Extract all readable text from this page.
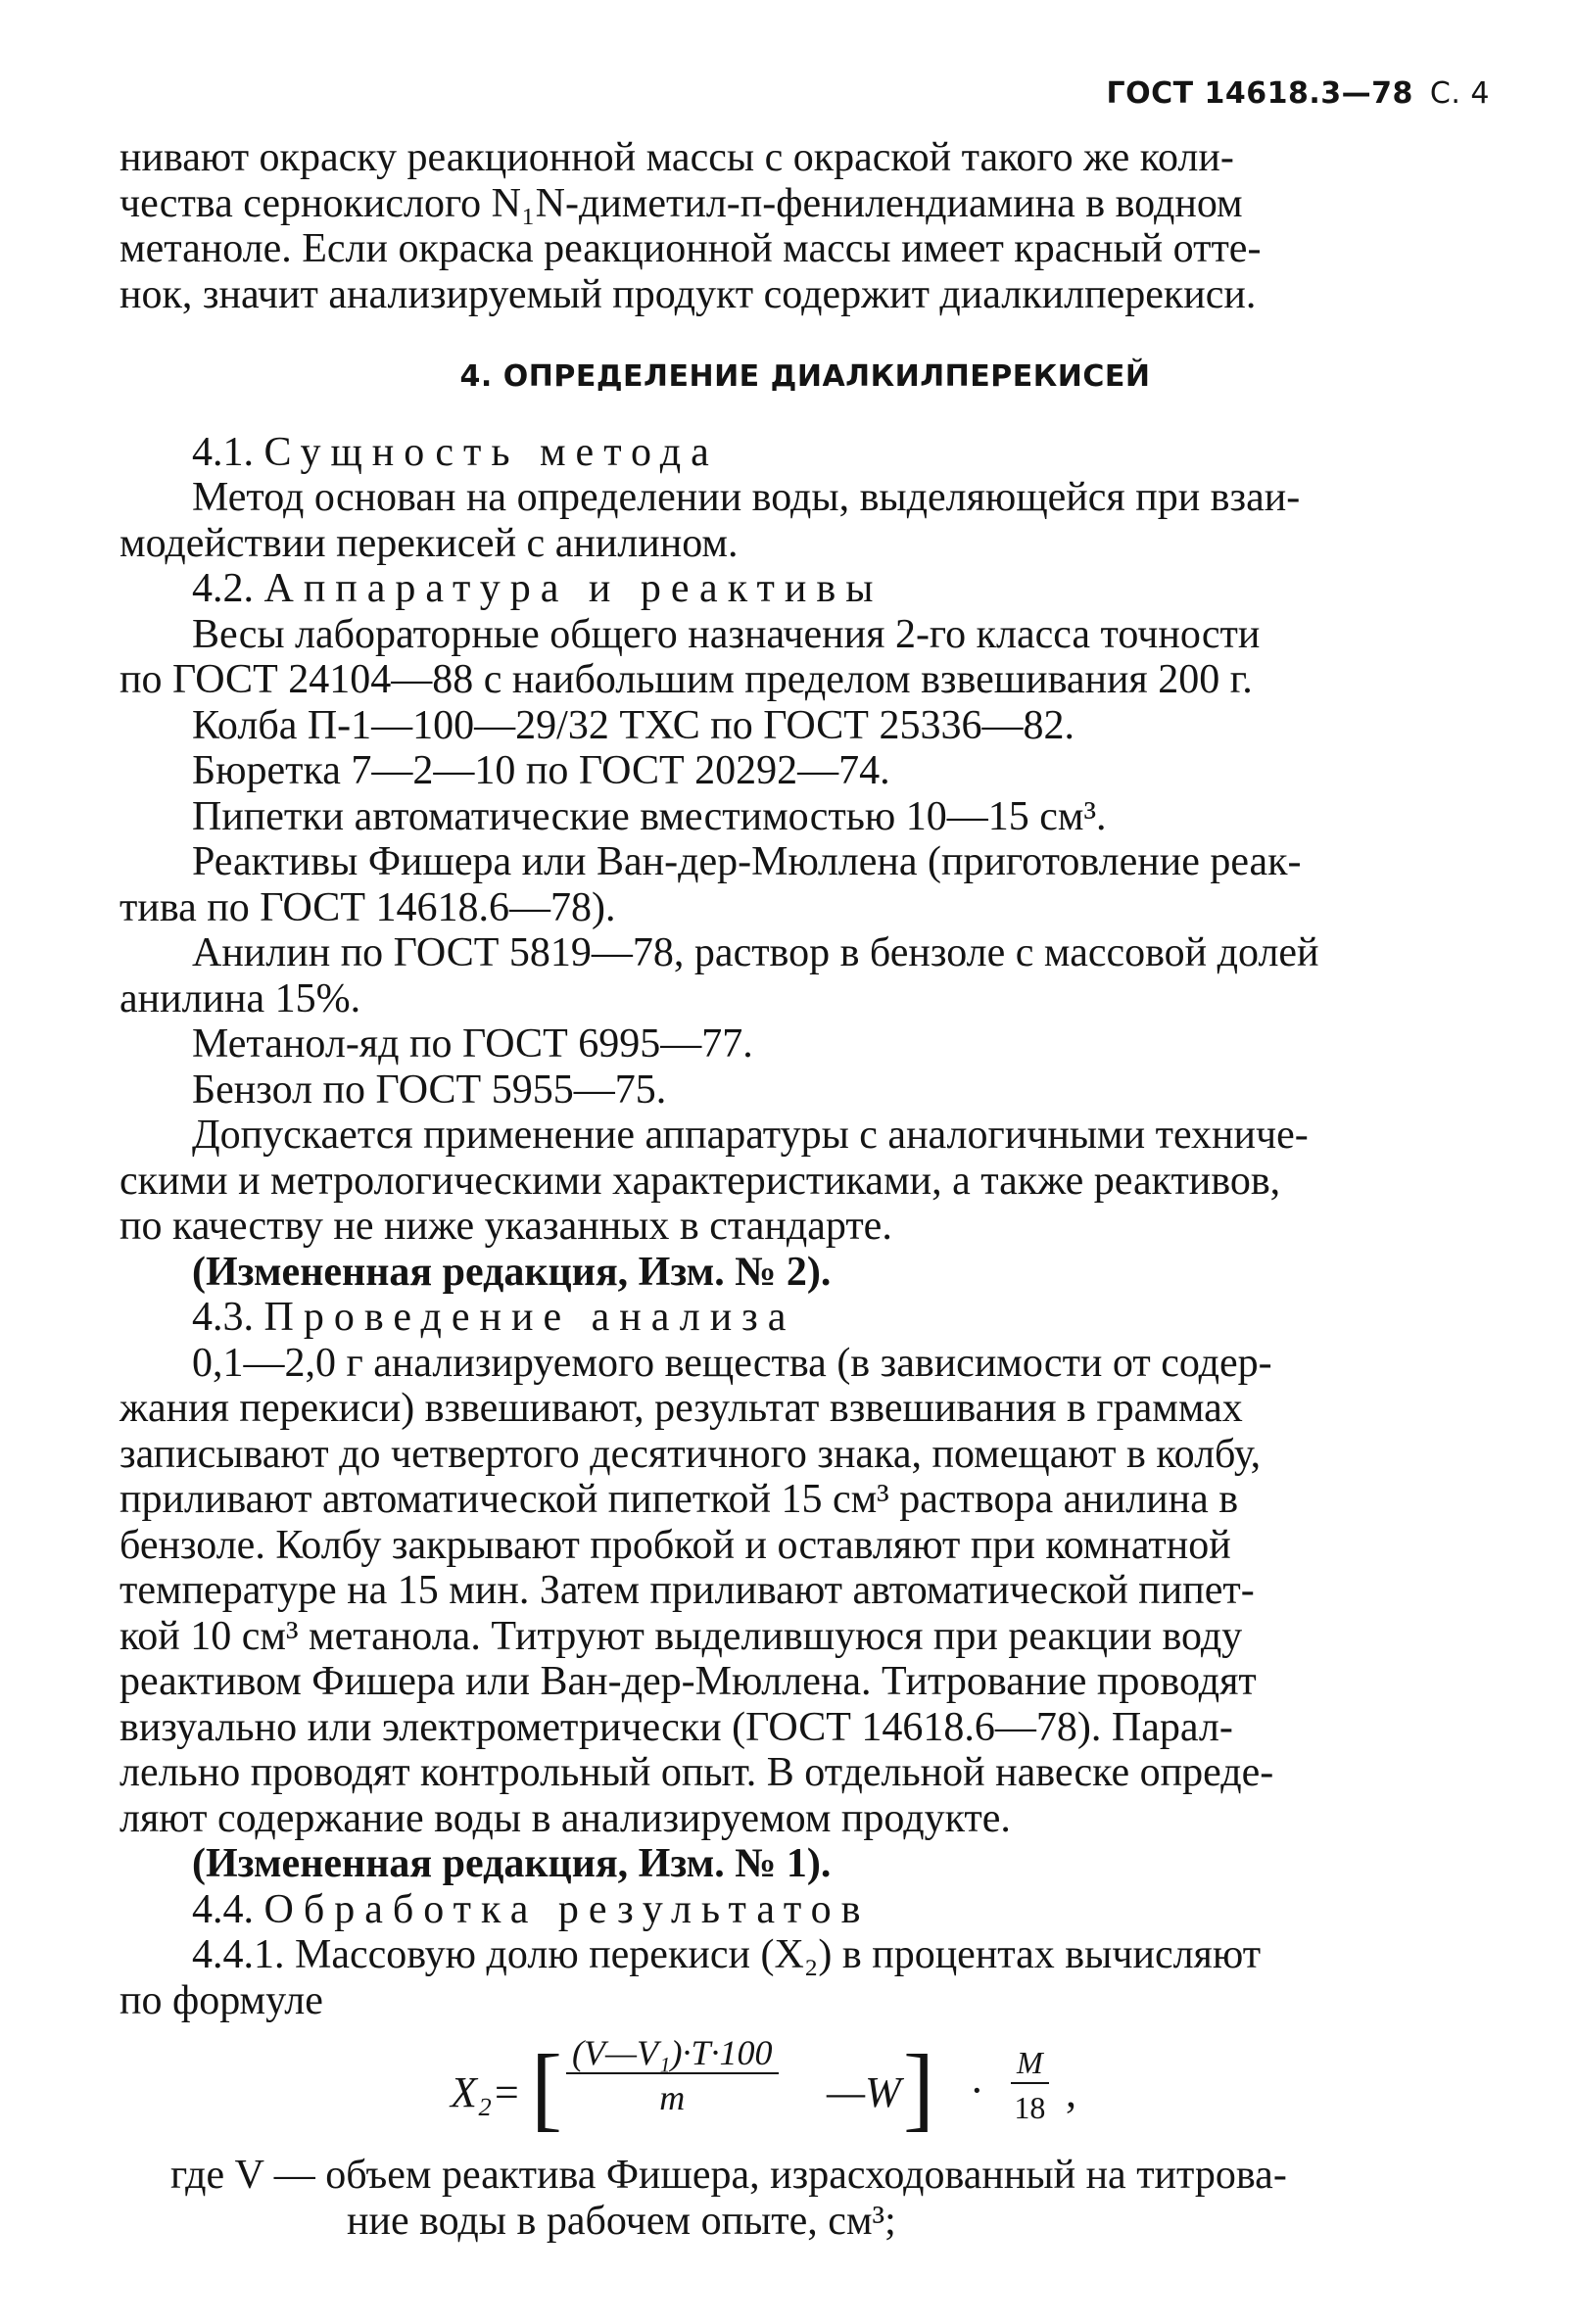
ГОСТ 14618.3—78 С. 4

нивают окраску реакционной массы с окраской такого же коли-

чества сернокислого N₁N-диметил-п-фенилендиамина в водном

метаноле. Если окраска реакционной массы имеет красный отте-

нок, значит анализируемый продукт содержит диалкилперекиси.

4. ОПРЕДЕЛЕНИЕ ДИАЛКИЛПЕРЕКИСЕЙ

4.1. Сущность метода

Метод основан на определении воды, выделяющейся при взаи-

модействии перекисей с анилином.

4.2. Аппаратура и реактивы

Весы лабораторные общего назначения 2-го класса точности

по ГОСТ 24104—88 с наибольшим пределом взвешивания 200 г.

Колба П-1—100—29/32 ТХС по ГОСТ 25336—82.

Бюретка 7—2—10 по ГОСТ 20292—74.

Пипетки автоматические вместимостью 10—15 см³.

Реактивы Фишера или Ван-дер-Мюллена (приготовление реак-

тива по ГОСТ 14618.6—78).

Анилин по ГОСТ 5819—78, раствор в бензоле с массовой долей

анилина 15%.

Метанол-яд по ГОСТ 6995—77.

Бензол по ГОСТ 5955—75.

Допускается применение аппаратуры с аналогичными техниче-

скими и метрологическими характеристиками, а также реактивов,

по качеству не ниже указанных в стандарте.

(Измененная редакция, Изм. № 2).

4.3. Проведение анализа

0,1—2,0 г анализируемого вещества (в зависимости от содер-

жания перекиси) взвешивают, результат взвешивания в граммах

записывают до четвертого десятичного знака, помещают в колбу,

приливают автоматической пипеткой 15 см³ раствора анилина в

бензоле. Колбу закрывают пробкой и оставляют при комнатной

температуре на 15 мин. Затем приливают автоматической пипет-

кой 10 см³ метанола. Титруют выделившуюся при реакции воду

реактивом Фишера или Ван-дер-Мюллена. Титрование проводят

визуально или электрометрически (ГОСТ 14618.6—78). Парал-

лельно проводят контрольный опыт. В отдельной навеске опреде-

ляют содержание воды в анализируемом продукте.

(Измененная редакция, Изм. № 1).

4.4. Обработка результатов

4.4.1. Массовую долю перекиси (X₂) в процентах вычисляют

по формуле

X₂= [ $\frac{\text{(V—V₁)·T·100}}{m}$ —W ] · $\frac{M}{18}$ ,

где V — объем реактива Фишера, израсходованный на титрова-

ние воды в рабочем опыте, см³;
